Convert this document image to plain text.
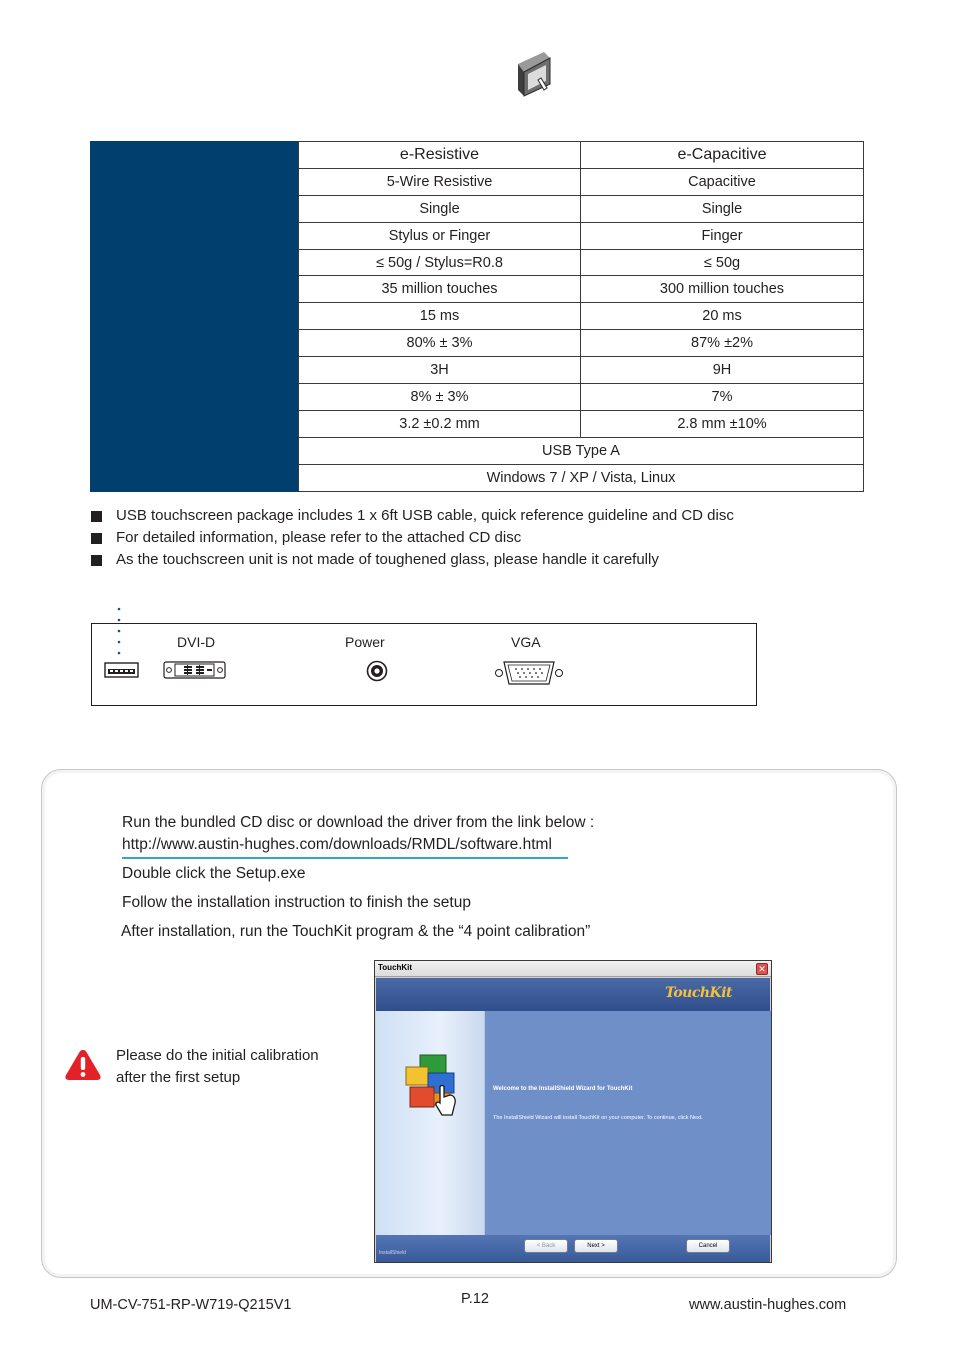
	e-Resistive	e-Capacitive
	5-Wire Resistive	Capacitive
	Single	Single
	Stylus or Finger	Finger
	≤ 50g / Stylus=R0.8	≤ 50g
	35 million touches	300 million touches
	15 ms	20 ms
	80% ± 3%	87% ±2%
	3H	9H
	8% ± 3%	7%
	3.2 ±0.2 mm	2.8 mm ±10%
	USB Type A	
	Windows 7 / XP / Vista, Linux	
USB touchscreen package includes 1 x 6ft USB cable, quick reference guideline and CD disc
For detailed information, please refer to the attached CD disc
As the touchscreen unit is not made of toughened glass, please handle it carefully
DVI-D	Power	VGA
Run the bundled CD disc or download the driver from the link below :
http://www.austin-hughes.com/downloads/RMDL/software.html
Double click the Setup.exe
Follow the installation instruction to finish the setup
After installation, run the TouchKit program & the “4 point calibration”
Please do the initial calibration
after the first setup
TouchKit	✕
TouchKit
Welcome to the InstallShield Wizard for TouchKit
The InstallShield Wizard will install TouchKit on your computer. To continue, click Next.
InstallShield
< Back	Next >	Cancel
UM-CV-751-RP-W719-Q215V1	P.12	www.austin-hughes.com
